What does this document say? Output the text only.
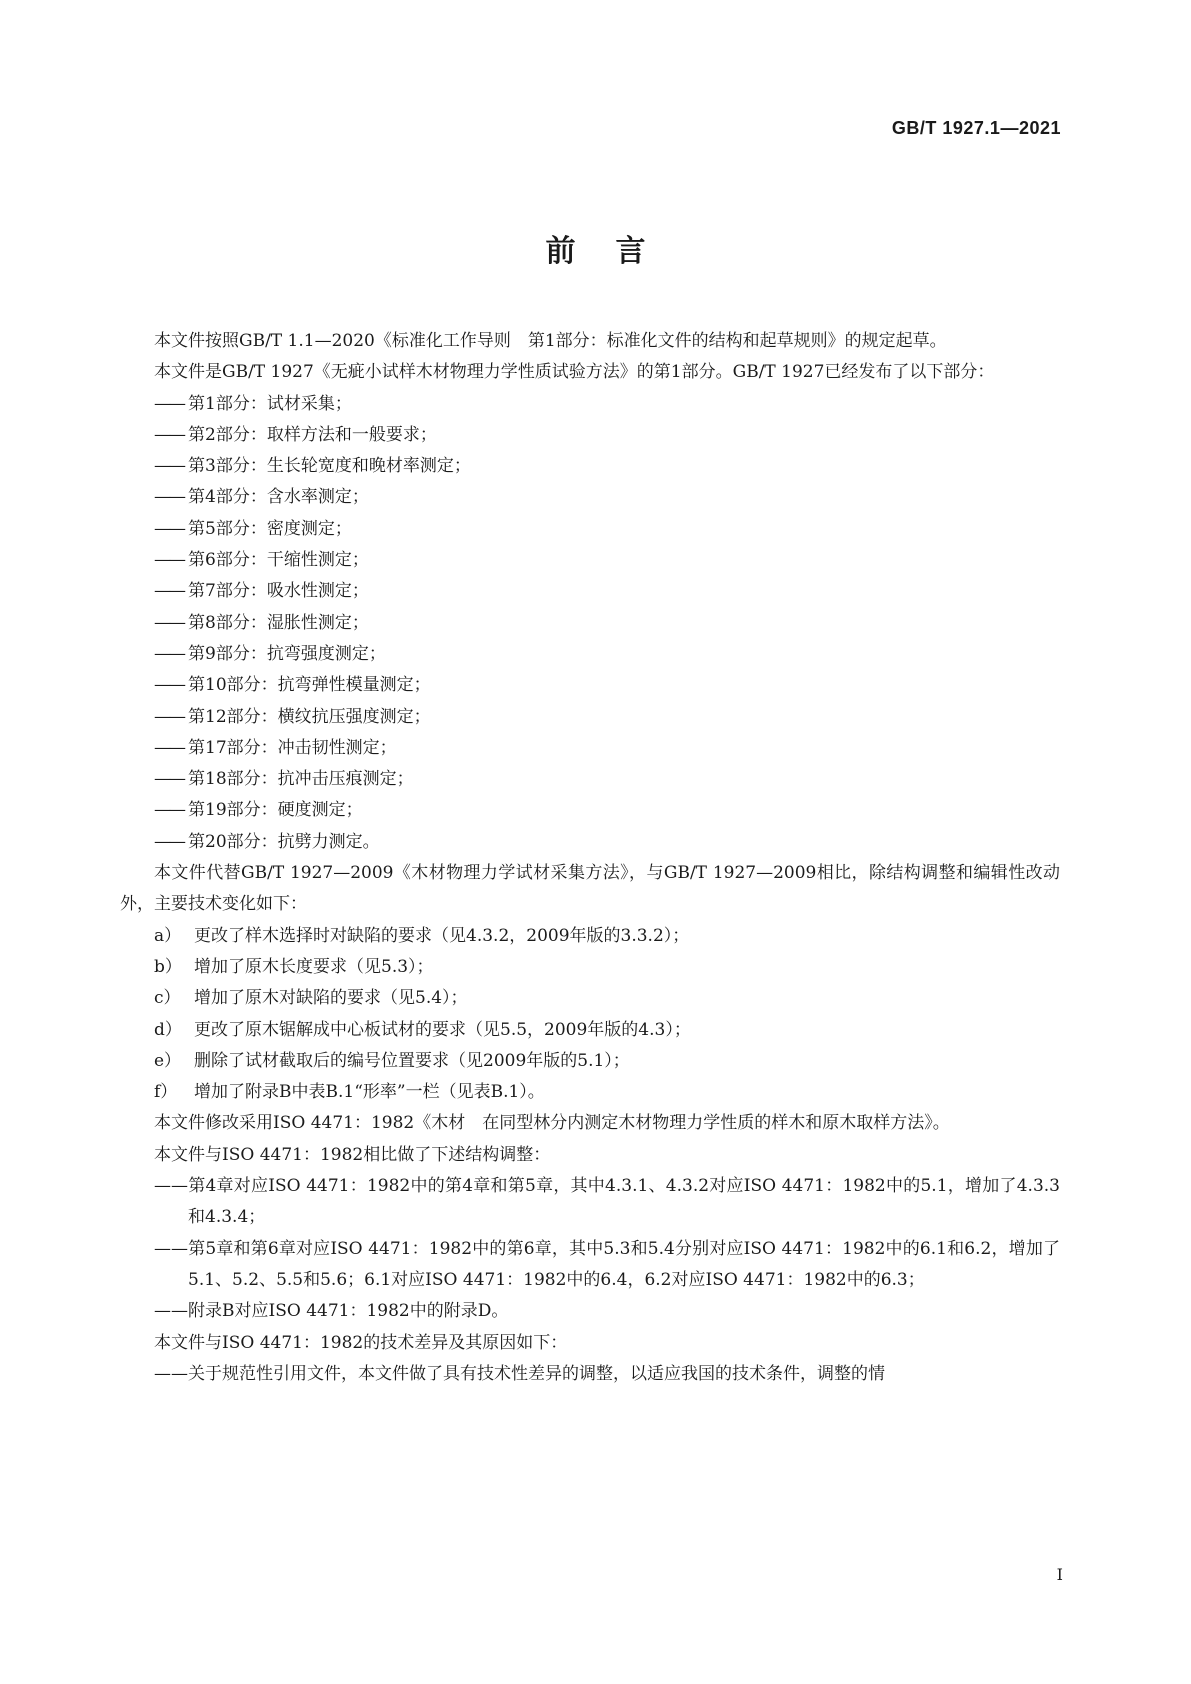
GB/T 1927.1—2021
前言

本文件按照GB/T 1.1—2020《标准化工作导则　第1部分：标准化文件的结构和起草规则》的规定起草。

本文件是GB/T 1927《无疵小试样木材物理力学性质试验方法》的第1部分。GB/T 1927已经发布了以下部分：

—— 第1部分：试材采集；

—— 第2部分：取样方法和一般要求；

—— 第3部分：生长轮宽度和晚材率测定；

—— 第4部分：含水率测定；

—— 第5部分：密度测定；

—— 第6部分：干缩性测定；

—— 第7部分：吸水性测定；

—— 第8部分：湿胀性测定；

—— 第9部分：抗弯强度测定；

—— 第10部分：抗弯弹性模量测定；

—— 第12部分：横纹抗压强度测定；

—— 第17部分：冲击韧性测定；

—— 第18部分：抗冲击压痕测定；

—— 第19部分：硬度测定；

—— 第20部分：抗劈力测定。

本文件代替GB/T 1927—2009《木材物理力学试材采集方法》，与GB/T 1927—2009相比，除结构调整和编辑性改动外，主要技术变化如下：

a） 更改了样木选择时对缺陷的要求（见4.3.2，2009年版的3.3.2）；

b） 增加了原木长度要求（见5.3）；

c） 增加了原木对缺陷的要求（见5.4）；

d） 更改了原木锯解成中心板试材的要求（见5.5，2009年版的4.3）；

e） 删除了试材截取后的编号位置要求（见2009年版的5.1）；

f） 增加了附录B中表B.1“形率”一栏（见表B.1）。

本文件修改采用ISO 4471：1982《木材　在同型林分内测定木材物理力学性质的样木和原木取样方法》。

本文件与ISO 4471：1982相比做了下述结构调整：

——第4章对应ISO 4471：1982中的第4章和第5章，其中4.3.1、4.3.2对应ISO 4471：1982中的5.1，增加了4.3.3和4.3.4；

——第5章和第6章对应ISO 4471：1982中的第6章，其中5.3和5.4分别对应ISO 4471：1982中的6.1和6.2，增加了5.1、5.2、5.5和5.6；6.1对应ISO 4471：1982中的6.4，6.2对应ISO 4471：1982中的6.3；

——附录B对应ISO 4471：1982中的附录D。

本文件与ISO 4471：1982的技术差异及其原因如下：

——关于规范性引用文件，本文件做了具有技术性差异的调整，以适应我国的技术条件，调整的情

I
